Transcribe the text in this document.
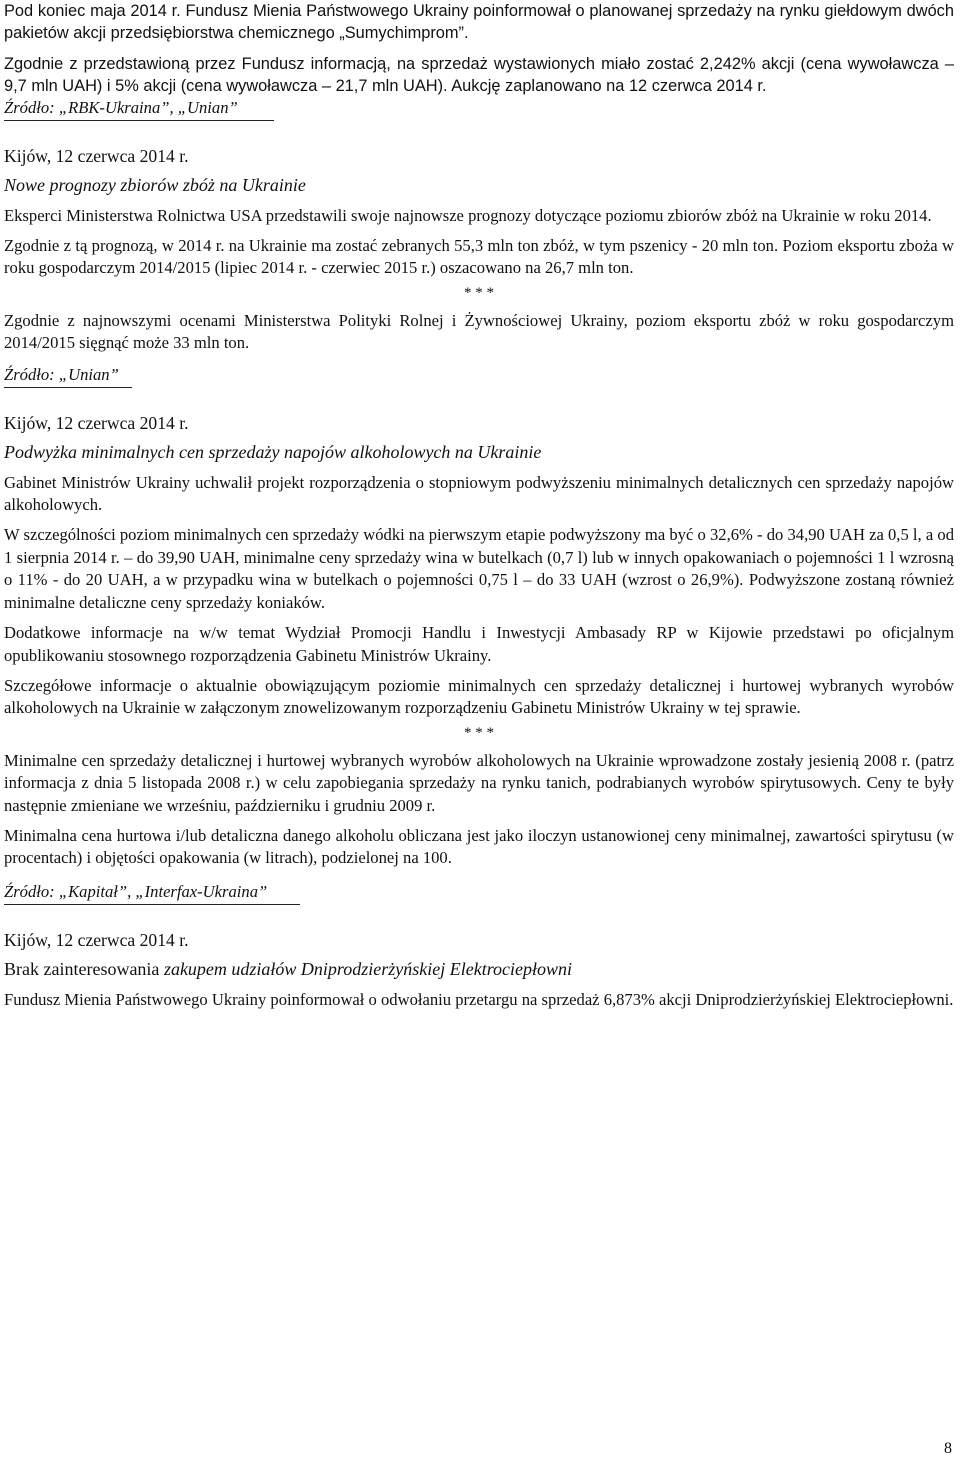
Pod koniec maja 2014 r. Fundusz Mienia Państwowego Ukrainy poinformował o planowanej sprzedaży na rynku giełdowym dwóch pakietów akcji przedsiębiorstwa chemicznego „Sumychimprom”.

Zgodnie z przedstawioną przez Fundusz informacją, na sprzedaż wystawionych miało zostać 2,242% akcji (cena wywoławcza – 9,7 mln UAH) i 5% akcji (cena wywoławcza – 21,7 mln UAH). Aukcję zaplanowano na 12 czerwca 2014 r.

Źródło: „RBK-Ukraina”, „Unian”

Kijów, 12 czerwca 2014 r.

Nowe prognozy zbiorów zbóż na Ukrainie

Eksperci Ministerstwa Rolnictwa USA przedstawili swoje najnowsze prognozy dotyczące poziomu zbiorów zbóż na Ukrainie w roku 2014.

Zgodnie z tą prognozą, w 2014 r. na Ukrainie ma zostać zebranych 55,3 mln ton zbóż, w tym pszenicy - 20 mln ton. Poziom eksportu zboża w roku gospodarczym 2014/2015 (lipiec 2014 r. - czerwiec 2015 r.) oszacowano na 26,7 mln ton.

* * *

Zgodnie z najnowszymi ocenami Ministerstwa Polityki Rolnej i Żywnościowej Ukrainy, poziom eksportu zbóż w roku gospodarczym 2014/2015 sięgnąć może 33 mln ton.

Źródło: „Unian”

Kijów, 12 czerwca 2014 r.

Podwyżka minimalnych cen sprzedaży napojów alkoholowych na Ukrainie

Gabinet Ministrów Ukrainy uchwalił projekt rozporządzenia o stopniowym podwyższeniu minimalnych detalicznych cen sprzedaży napojów alkoholowych.

W szczególności poziom minimalnych cen sprzedaży wódki na pierwszym etapie podwyższony ma być o 32,6% - do 34,90 UAH za 0,5 l, a od 1 sierpnia 2014 r. – do 39,90 UAH, minimalne ceny sprzedaży wina w butelkach (0,7 l) lub w innych opakowaniach o pojemności 1 l wzrosną o 11% - do 20 UAH, a w przypadku wina w butelkach o pojemności 0,75 l – do 33 UAH (wzrost o 26,9%). Podwyższone zostaną również minimalne detaliczne ceny sprzedaży koniaków.

Dodatkowe informacje na w/w temat Wydział Promocji Handlu i Inwestycji Ambasady RP w Kijowie przedstawi po oficjalnym opublikowaniu stosownego rozporządzenia Gabinetu Ministrów Ukrainy.

Szczegółowe informacje o aktualnie obowiązującym poziomie minimalnych cen sprzedaży detalicznej i hurtowej wybranych wyrobów alkoholowych na Ukrainie w załączonym znowelizowanym rozporządzeniu Gabinetu Ministrów Ukrainy w tej sprawie.

* * *

Minimalne cen sprzedaży detalicznej i hurtowej wybranych wyrobów alkoholowych na Ukrainie wprowadzone zostały jesienią 2008 r. (patrz informacja z dnia 5 listopada 2008 r.) w celu zapobiegania sprzedaży na rynku tanich, podrabianych wyrobów spirytusowych. Ceny te były następnie zmieniane we wrześniu, październiku i grudniu 2009 r.

Minimalna cena hurtowa i/lub detaliczna danego alkoholu obliczana jest jako iloczyn ustanowionej ceny minimalnej, zawartości spirytusu (w procentach) i objętości opakowania (w litrach), podzielonej na 100.

Źródło: „Kapitał”, „Interfax-Ukraina”

Kijów, 12 czerwca 2014 r.

Brak zainteresowania zakupem udziałów Dniprodzierżyńskiej Elektrociepłowni

Fundusz Mienia Państwowego Ukrainy poinformował o odwołaniu przetargu na sprzedaż 6,873% akcji Dniprodzierżyńskiej Elektrociepłowni.

8
